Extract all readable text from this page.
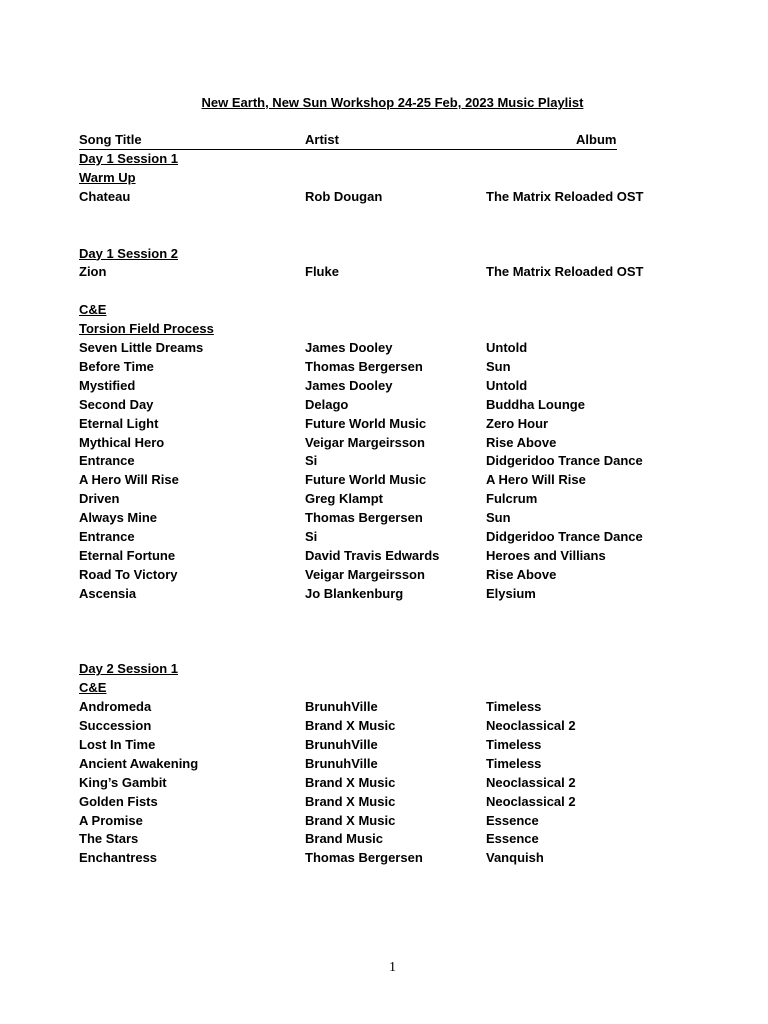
New Earth, New Sun Workshop 24-25 Feb, 2023 Music Playlist
Song Title	Artist	Album
Day 1 Session 1
Warm Up
Chateau	Rob Dougan	The Matrix Reloaded OST
Day 1 Session 2
Zion	Fluke	The Matrix Reloaded OST
C&E
Torsion Field Process
Seven Little Dreams	James Dooley	Untold
Before Time	Thomas Bergersen	Sun
Mystified	James Dooley	Untold
Second Day	Delago	Buddha Lounge
Eternal Light	Future World Music	Zero Hour
Mythical Hero	Veigar Margeirsson	Rise Above
Entrance	Si	Didgeridoo Trance Dance
A Hero Will Rise	Future World Music	A Hero Will Rise
Driven	Greg Klampt	Fulcrum
Always Mine	Thomas Bergersen	Sun
Entrance	Si	Didgeridoo Trance Dance
Eternal Fortune	David Travis Edwards	Heroes and Villians
Road To Victory	Veigar Margeirsson	Rise Above
Ascensia	Jo Blankenburg	Elysium
Day 2 Session 1
C&E
Andromeda	BrunuhVille	Timeless
Succession	Brand X Music	Neoclassical 2
Lost In Time	BrunuhVille	Timeless
Ancient Awakening	BrunuhVille	Timeless
King’s Gambit	Brand X Music	Neoclassical 2
Golden Fists	Brand X Music	Neoclassical 2
A Promise	Brand X Music	Essence
The Stars	Brand Music	Essence
Enchantress	Thomas Bergersen	Vanquish
1
